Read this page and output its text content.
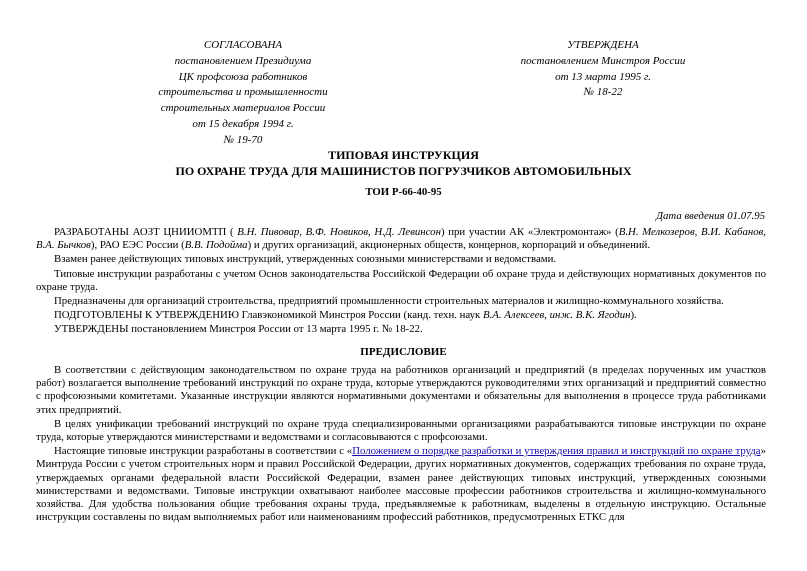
СОГЛАСОВАНА
постановлением Президиума
ЦК профсоюза работников
строительства и промышленности
строительных материалов России
от 15 декабря 1994 г.
№ 19-70
УТВЕРЖДЕНА
постановлением Минстроя России
от 13 марта 1995 г.
№ 18-22
ТИПОВАЯ ИНСТРУКЦИЯ
ПО ОХРАНЕ ТРУДА ДЛЯ МАШИНИСТОВ ПОГРУЗЧИКОВ АВТОМОБИЛЬНЫХ
ТОИ Р-66-40-95
Дата введения 01.07.95

РАЗРАБОТАНЫ АОЗТ ЦНИИОМТП ( В.Н. Пивовар, В.Ф. Новиков, Н.Д. Левинсон) при участии АК «Электромонтаж» (В.Н. Мелкозеров, В.И. Кабанов, В.А. Бычков), РАО ЕЭС России (В.В. Подойма) и других организаций, акционерных обществ, концернов, корпораций и объединений.

Взамен ранее действующих типовых инструкций, утвержденных союзными министерствами и ведомствами.

Типовые инструкции разработаны с учетом Основ законодательства Российской Федерации об охране труда и действующих нормативных документов по охране труда.

Предназначены для организаций строительства, предприятий промышленности строительных материалов и жилищно-коммунального хозяйства.

ПОДГОТОВЛЕНЫ К УТВЕРЖДЕНИЮ Главэкономикой Минстроя России (канд. техн. наук В.А. Алексеев, инж. В.К. Ягодин).

УТВЕРЖДЕНЫ постановлением Минстроя России от 13 марта 1995 г. № 18-22.

ПРЕДИСЛОВИЕ

В соответствии с действующим законодательством по охране труда на работников организаций и предприятий (в пределах порученных им участков работ) возлагается выполнение требований инструкций по охране труда, которые утверждаются руководителями этих организаций и предприятий совместно с профсоюзными комитетами. Указанные инструкции являются нормативными документами и обязательны для выполнения в процессе труда работниками этих предприятий.

В целях унификации требований инструкций по охране труда специализированными организациями разрабатываются типовые инструкции по охране труда, которые утверждаются министерствами и ведомствами и согласовываются с профсоюзами.

Настоящие типовые инструкции разработаны в соответствии с «Положением о порядке разработки и утверждения правил и инструкций по охране труда» Минтруда России с учетом строительных норм и правил Российской Федерации, других нормативных документов, содержащих требования по охране труда, утверждаемых органами федеральной власти Российской Федерации, взамен ранее действующих типовых инструкций, утвержденных союзными министерствами и ведомствами. Типовые инструкции охватывают наиболее массовые профессии работников строительства и жилищно-коммунального хозяйства. Для удобства пользования общие требования охраны труда, предъявляемые к работникам, выделены в отдельную инструкцию. Остальные инструкции составлены по видам выполняемых работ или наименованиям профессий работников, предусмотренных ЕТКС для
